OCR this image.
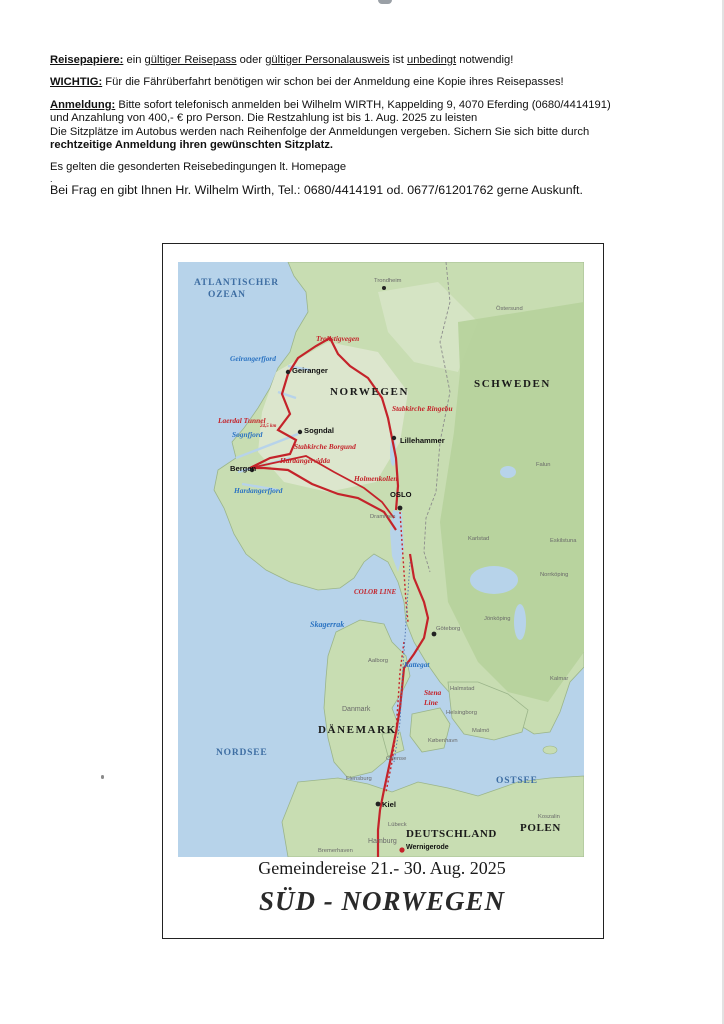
Reisepapiere: ein gültiger Reisepass oder gültiger Personalausweis ist unbedingt notwendig!

WICHTIG: Für die Fährüberfahrt benötigen wir schon bei der Anmeldung eine Kopie ihres Reisepasses!

Anmeldung: Bitte sofort telefonisch anmelden bei Wilhelm WIRTH, Kappelding 9, 4070 Eferding (0680/4414191)

und Anzahlung von 400,- € pro Person. Die Restzahlung ist bis 1. Aug. 2025 zu leisten

Die Sitzplätze im Autobus werden nach Reihenfolge der Anmeldungen vergeben. Sichern Sie sich bitte durch

rechtzeitige Anmeldung ihren gewünschten Sitzplatz.

Es gelten die gesonderten Reisebedingungen lt. Homepage

.

Bei Frag en gibt Ihnen Hr. Wilhelm Wirth, Tel.: 0680/4414191 od. 0677/61201762 gerne Auskunft.

ATLANTISCHER
OZEAN
NORDSEE
OSTSEE
Skagerrak
Kattegat
NORWEGEN
SCHWEDEN
DÄNEMARK
DEUTSCHLAND POLEN
Trollstigvegen
Stabkirche Ringebu
Laerdal Tunnel
24,5 km
Stabkirche Borgund
Hardangervidda
Holmenkollen
COLOR LINE
Stena
Line
Geirangerfjord
Sognfjord
Hardangerfjord
Geiranger
Sogndal
Lillehammer
Bergen
OSLO
Kiel
Wernigerode
Göteborg
Trondheim
Östersund
Falun
Drammen
Karlstad	Eskilstuna
Norrköping
Jönköping
Aalborg
Danmark
Halmstad
Helsingborg
København
Malmö
Kalmar
Odense
Flensburg
Lübeck
Hamburg
Bremerhaven
Koszalin
Gemeindereise 21.- 30. Aug. 2025
SÜD - NORWEGEN
